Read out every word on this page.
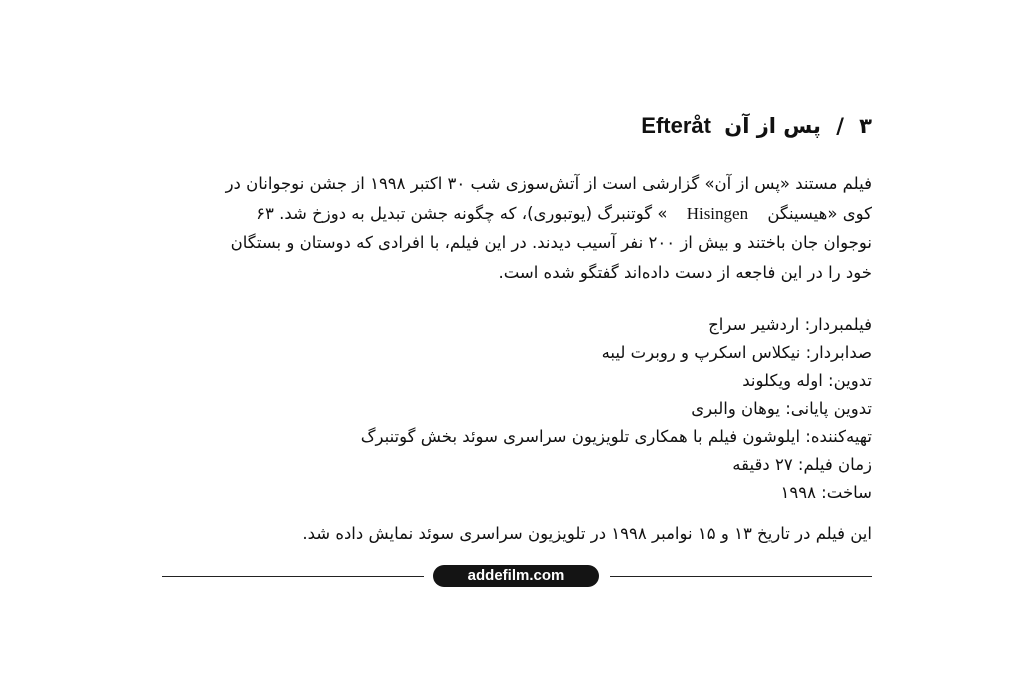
۳ / پس از آن Efteråt
فیلم مستند «پس از آن» گزارشی است از آتش‌سوزی شب ۳۰ اکتبر ۱۹۹۸ از جشن نوجوانان در
کوی «هیسینگن Hisingen » گوتنبرگ (یوتبوری)، که چگونه جشن تبدیل به دوزخ شد. ۶۳
نوجوان جان باختند و بیش از ۲۰۰ نفر آسیب دیدند. در این فیلم، با افرادی که دوستان و بستگان
خود را در این فاجعه از دست داده‌اند گفتگو شده است.
فیلمبردار: اردشیر سراج
صدابردار: نیکلاس اسکرپ و روبرت لیبه
تدوین: اوله ویکلوند
تدوین پایانی: یوهان والبری
تهیه‌کننده: ایلوشون فیلم با همکاری تلویزیون سراسری سوئد بخش گوتنبرگ
زمان فیلم: ۲۷ دقیقه
ساخت: ۱۹۹۸
این فیلم در تاریخ ۱۳ و ۱۵ نوامبر ۱۹۹۸ در تلویزیون سراسری سوئد نمایش داده شد.
addefilm.com
